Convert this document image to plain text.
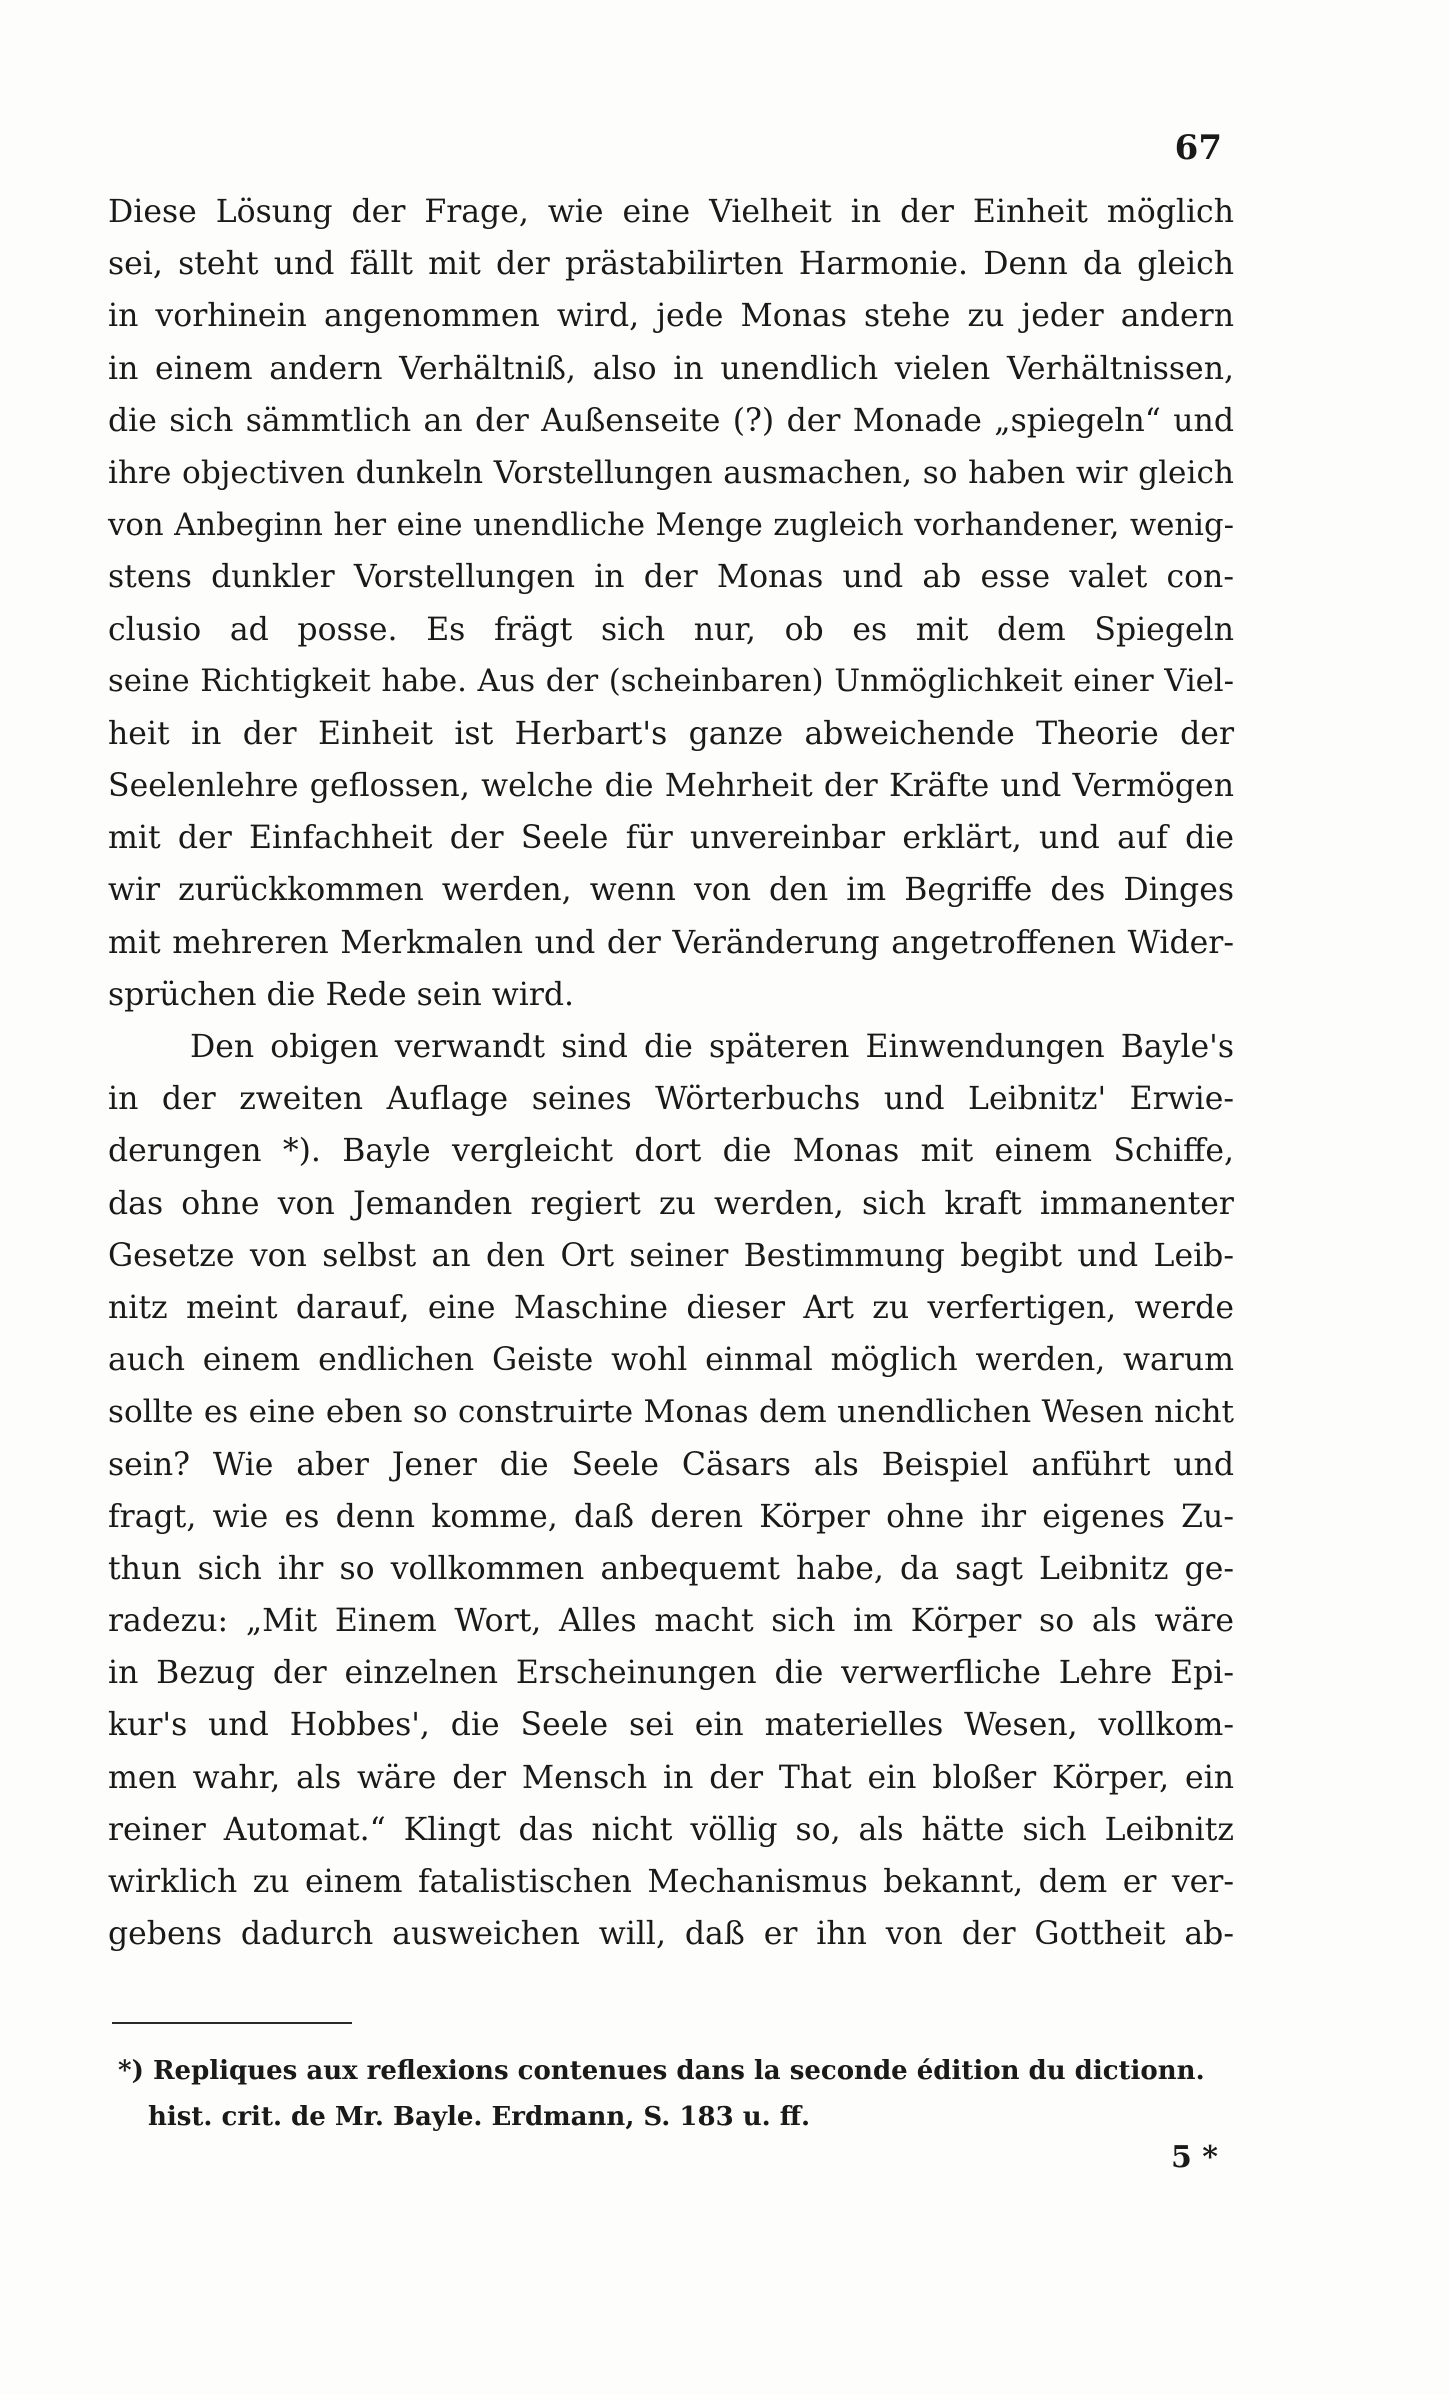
67
Diese Lösung der Frage, wie eine Vielheit in der Einheit möglich
sei, steht und fällt mit der prästabilirten Harmonie. Denn da gleich
in vorhinein angenommen wird, jede Monas stehe zu jeder andern
in einem andern Verhältniß, also in unendlich vielen Verhältnissen,
die sich sämmtlich an der Außenseite (?) der Monade „spiegeln“ und
ihre objectiven dunkeln Vorstellungen ausmachen, so haben wir gleich
von Anbeginn her eine unendliche Menge zugleich vorhandener, wenig-
stens dunkler Vorstellungen in der Monas und ab esse valet con-
clusio ad posse. Es frägt sich nur, ob es mit dem Spiegeln
seine Richtigkeit habe. Aus der (scheinbaren) Unmöglichkeit einer Viel-
heit in der Einheit ist Herbart's ganze abweichende Theorie der
Seelenlehre geflossen, welche die Mehrheit der Kräfte und Vermögen
mit der Einfachheit der Seele für unvereinbar erklärt, und auf die
wir zurückkommen werden, wenn von den im Begriffe des Dinges
mit mehreren Merkmalen und der Veränderung angetroffenen Wider-
sprüchen die Rede sein wird.
Den obigen verwandt sind die späteren Einwendungen Bayle's
in der zweiten Auflage seines Wörterbuchs und Leibnitz' Erwie-
derungen *). Bayle vergleicht dort die Monas mit einem Schiffe,
das ohne von Jemanden regiert zu werden, sich kraft immanenter
Gesetze von selbst an den Ort seiner Bestimmung begibt und Leib-
nitz meint darauf, eine Maschine dieser Art zu verfertigen, werde
auch einem endlichen Geiste wohl einmal möglich werden, warum
sollte es eine eben so construirte Monas dem unendlichen Wesen nicht
sein? Wie aber Jener die Seele Cäsars als Beispiel anführt und
fragt, wie es denn komme, daß deren Körper ohne ihr eigenes Zu-
thun sich ihr so vollkommen anbequemt habe, da sagt Leibnitz ge-
radezu: „Mit Einem Wort, Alles macht sich im Körper so als wäre
in Bezug der einzelnen Erscheinungen die verwerfliche Lehre Epi-
kur's und Hobbes', die Seele sei ein materielles Wesen, vollkom-
men wahr, als wäre der Mensch in der That ein bloßer Körper, ein
reiner Automat.“ Klingt das nicht völlig so, als hätte sich Leibnitz
wirklich zu einem fatalistischen Mechanismus bekannt, dem er ver-
gebens dadurch ausweichen will, daß er ihn von der Gottheit ab-
*) Repliques aux reflexions contenues dans la seconde édition du dictionn.
hist. crit. de Mr. Bayle. Erdmann, S. 183 u. ff.
5 *
